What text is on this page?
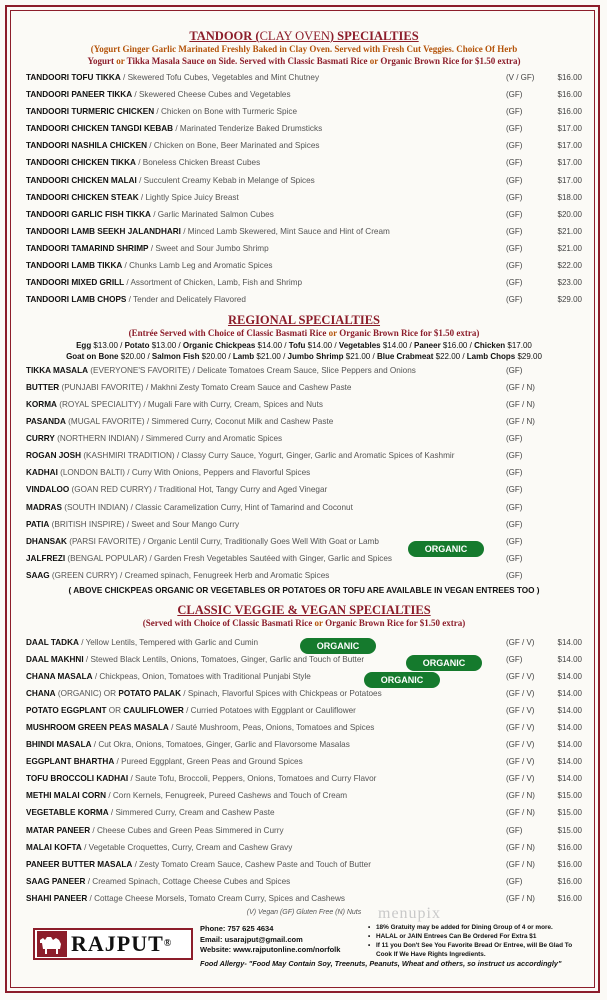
TANDOOR (CLAY OVEN) SPECIALTIES
(Yogurt Ginger Garlic Marinated Freshly Baked in Clay Oven. Served with Fresh Cut Veggies. Choice Of Herb
Yogurt or Tikka Masala Sauce on Side. Served with Classic Basmati Rice or Organic Brown Rice for $1.50 extra)
TANDOORI TOFU TIKKA / Skewered Tofu Cubes, Vegetables and Mint Chutney	(V / GF)	$16.00
TANDOORI PANEER TIKKA / Skewered Cheese Cubes and Vegetables	(GF)	$16.00
TANDOORI TURMERIC CHICKEN / Chicken on Bone with Turmeric Spice	(GF)	$16.00
TANDOORI CHICKEN TANGDI KEBAB / Marinated Tenderize Baked Drumsticks	(GF)	$17.00
TANDOORI NASHILA CHICKEN / Chicken on Bone, Beer Marinated and Spices	(GF)	$17.00
TANDOORI CHICKEN TIKKA / Boneless Chicken Breast Cubes	(GF)	$17.00
TANDOORI CHICKEN MALAI / Succulent Creamy Kebab in Melange of Spices	(GF)	$17.00
TANDOORI CHICKEN STEAK / Lightly Spice Juicy Breast	(GF)	$18.00
TANDOORI GARLIC FISH TIKKA / Garlic Marinated Salmon Cubes	(GF)	$20.00
TANDOORI LAMB SEEKH JALANDHARI / Minced Lamb Skewered, Mint Sauce and Hint of Cream	(GF)	$21.00
TANDOORI TAMARIND SHRIMP / Sweet and Sour Jumbo Shrimp	(GF)	$21.00
TANDOORI LAMB TIKKA / Chunks Lamb Leg and Aromatic Spices	(GF)	$22.00
TANDOORI MIXED GRILL / Assortment of Chicken, Lamb, Fish and Shrimp	(GF)	$23.00
TANDOORI LAMB CHOPS / Tender and Delicately Flavored	(GF)	$29.00
REGIONAL SPECIALTIES
(Entrée Served with Choice of Classic Basmati Rice or Organic Brown Rice for $1.50 extra)
Egg $13.00 / Potato $13.00 / Organic Chickpeas $14.00 / Tofu $14.00 / Vegetables $14.00 / Paneer $16.00 / Chicken $17.00
Goat on Bone $20.00 / Salmon Fish $20.00 / Lamb $21.00 / Jumbo Shrimp $21.00 / Blue Crabmeat $22.00 / Lamb Chops $29.00
TIKKA MASALA (EVERYONE'S FAVORITE) / Delicate Tomatoes Cream Sauce, Slice Peppers and Onions	(GF)
BUTTER (PUNJABI FAVORITE) / Makhni Zesty Tomato Cream Sauce and Cashew Paste	(GF / N)
KORMA (ROYAL SPECIALITY) / Mugali Fare with Curry, Cream, Spices and Nuts	(GF / N)
PASANDA (MUGAL FAVORITE) / Simmered Curry, Coconut Milk and Cashew Paste	(GF / N)
CURRY (NORTHERN INDIAN) / Simmered Curry and Aromatic Spices	(GF)
ROGAN JOSH (KASHMIRI TRADITION) / Classy Curry Sauce, Yogurt, Ginger, Garlic and Aromatic Spices of Kashmir	(GF)
KADHAI (LONDON BALTI) / Curry With Onions, Peppers and Flavorful Spices	(GF)
VINDALOO (GOAN RED CURRY) / Traditional Hot, Tangy Curry and Aged Vinegar	(GF)
MADRAS (SOUTH INDIAN) / Classic Caramelization Curry, Hint of Tamarind and Coconut	(GF)
PATIA (BRITISH INSPIRE) / Sweet and Sour Mango Curry	(GF)
DHANSAK (PARSI FAVORITE) / Organic Lentil Curry, Traditionally Goes Well With Goat or Lamb	(GF)
JALFREZI (BENGAL POPULAR) / Garden Fresh Vegetables Sautéed with Ginger, Garlic and Spices	(GF)
SAAG (GREEN CURRY) / Creamed spinach, Fenugreek Herb and Aromatic Spices	(GF)
( ABOVE CHICKPEAS ORGANIC OR VEGETABLES OR POTATOES OR TOFU ARE AVAILABLE IN VEGAN ENTREES TOO )
CLASSIC VEGGIE & VEGAN SPECIALTIES
(Served with Choice of Classic Basmati Rice or Organic Brown Rice for $1.50 extra)
DAAL TADKA / Yellow Lentils, Tempered with Garlic and Cumin	(GF / V)	$14.00
DAAL MAKHNI / Stewed Black Lentils, Onions, Tomatoes, Ginger, Garlic and Touch of Butter	(GF)	$14.00
CHANA MASALA / Chickpeas, Onion, Tomatoes with Traditional Punjabi Style	(GF / V)	$14.00
CHANA (ORGANIC) OR POTATO PALAK / Spinach, Flavorful Spices with Chickpeas or Potatoes	(GF / V)	$14.00
POTATO EGGPLANT OR CAULIFLOWER / Curried Potatoes with Eggplant or Cauliflower	(GF / V)	$14.00
MUSHROOM GREEN PEAS MASALA / Sauté Mushroom, Peas, Onions, Tomatoes and Spices	(GF / V)	$14.00
BHINDI MASALA / Cut Okra, Onions, Tomatoes, Ginger, Garlic and Flavorsome Masalas	(GF / V)	$14.00
EGGPLANT BHARTHA / Pureed Eggplant, Green Peas and Ground Spices	(GF / V)	$14.00
TOFU BROCCOLI KADHAI / Saute Tofu, Broccoli, Peppers, Onions, Tomatoes and Curry Flavor	(GF / V)	$14.00
METHI MALAI CORN / Corn Kernels, Fenugreek, Pureed Cashews and Touch of Cream	(GF / N)	$15.00
VEGETABLE KORMA / Simmered Curry, Cream and Cashew Paste	(GF / N)	$15.00
MATAR PANEER / Cheese Cubes and Green Peas Simmered in Curry	(GF)	$15.00
MALAI KOFTA / Vegetable Croquettes, Curry, Cream and Cashew Gravy	(GF / N)	$16.00
PANEER BUTTER MASALA / Zesty Tomato Cream Sauce, Cashew Paste and Touch of Butter	(GF / N)	$16.00
SAAG PANEER / Creamed Spinach, Cottage Cheese Cubes and Spices	(GF)	$16.00
SHAHI PANEER / Cottage Cheese Morsels, Tomato Cream Curry, Spices and Cashews	(GF / N)	$16.00
(V) Vegan (GF) Gluten Free (N) Nuts
ORGANIC
ORGANIC
ORGANIC
ORGANIC
menupix
RAJPUT®
Phone: 757 625 4634
Email: usarajput@gmail.com
Website: www.rajputonline.com/norfolk
• 18% Gratuity may be added for Dining Group of 4 or more.
• HALAL or JAIN Entrees Can Be Ordered For Extra $1
• If 11 you Don't See You Favorite Bread Or Entree, will Be Glad To Cook If We Have Rights Ingredients.
Food Allergy- "Food May Contain Soy, Treenuts, Peanuts, Wheat and others, so instruct us accordingly"
